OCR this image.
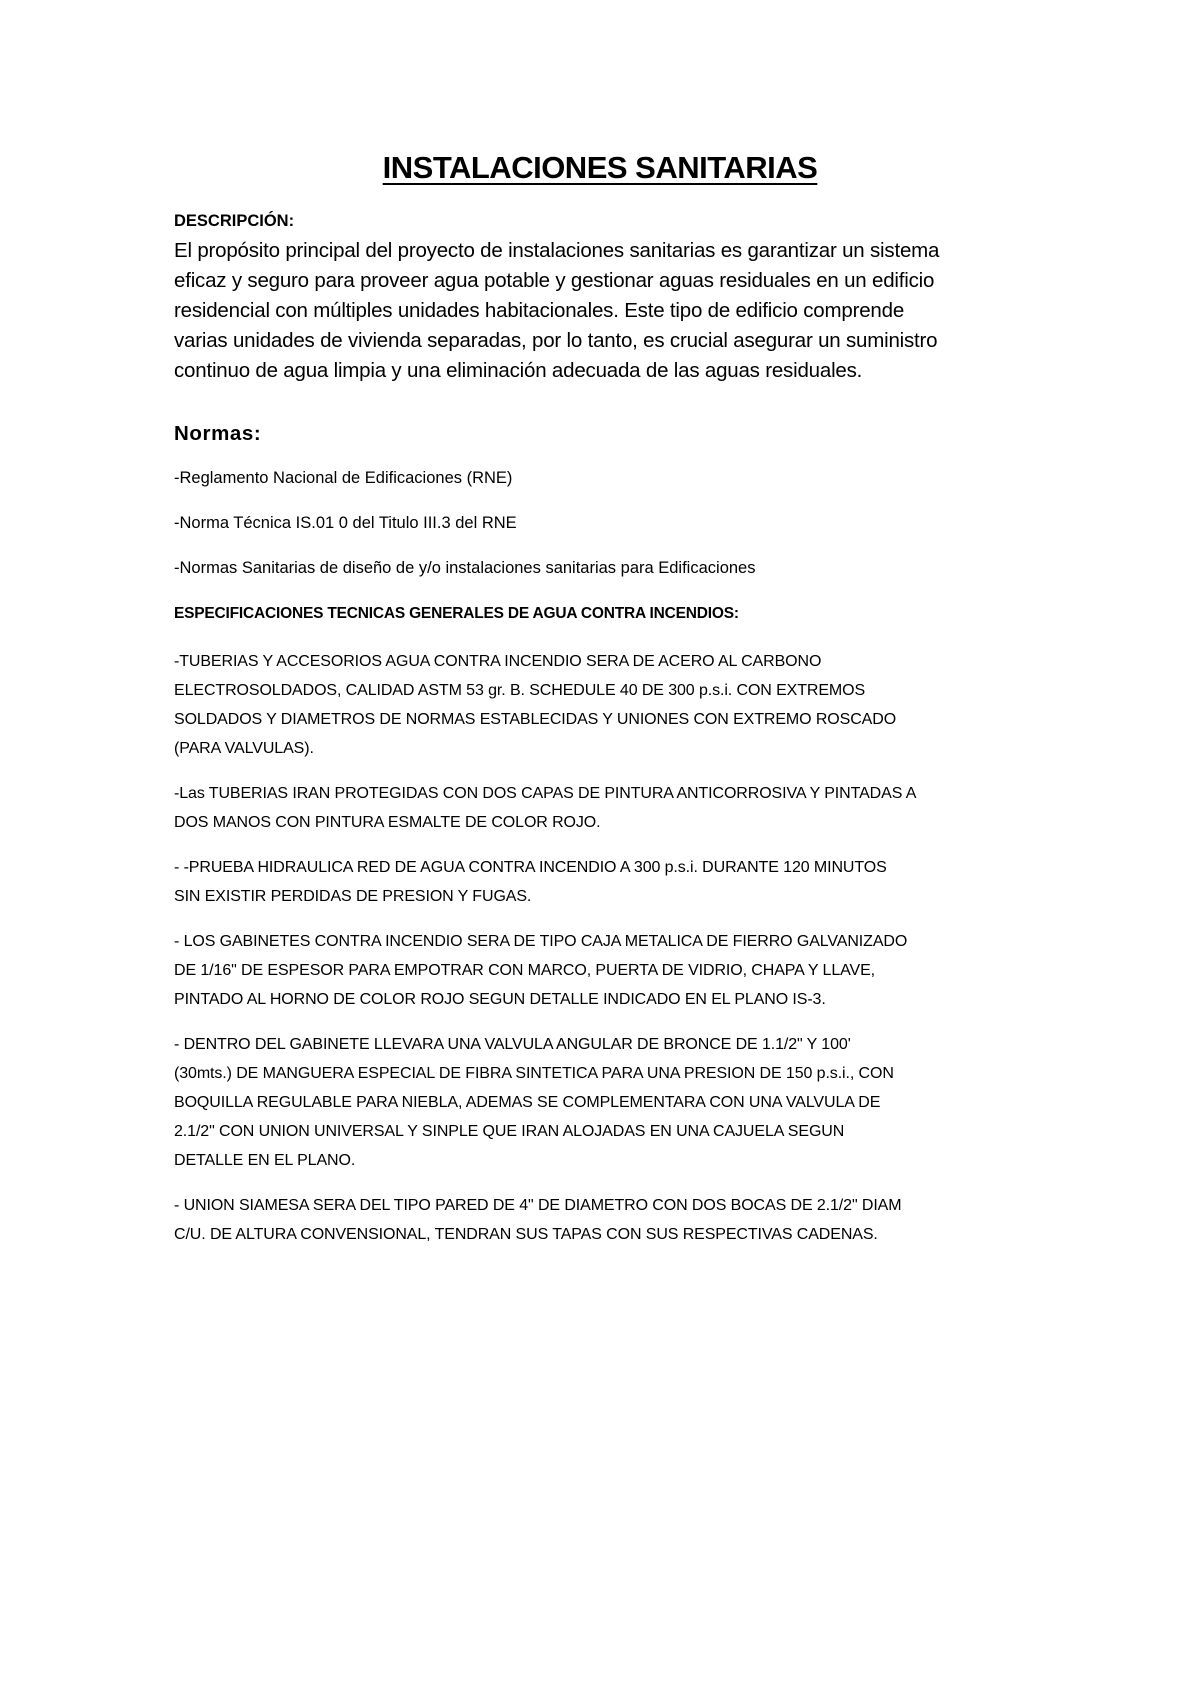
INSTALACIONES SANITARIAS
DESCRIPCIÓN:
El propósito principal del proyecto de instalaciones sanitarias es garantizar un sistema
eficaz y seguro para proveer agua potable y gestionar aguas residuales en un edificio
residencial con múltiples unidades habitacionales. Este tipo de edificio comprende
varias unidades de vivienda separadas, por lo tanto, es crucial asegurar un suministro
continuo de agua limpia y una eliminación adecuada de las aguas residuales.
Normas:
-Reglamento Nacional de Edificaciones (RNE)
-Norma Técnica IS.01 0 del Titulo III.3 del RNE
-Normas Sanitarias de diseño de y/o instalaciones sanitarias para Edificaciones
ESPECIFICACIONES TECNICAS GENERALES DE AGUA CONTRA INCENDIOS:
-TUBERIAS Y ACCESORIOS AGUA CONTRA INCENDIO SERA DE ACERO AL CARBONO
ELECTROSOLDADOS, CALIDAD ASTM 53 gr. B. SCHEDULE 40 DE 300 p.s.i. CON EXTREMOS
SOLDADOS Y DIAMETROS DE NORMAS ESTABLECIDAS Y UNIONES CON EXTREMO ROSCADO
(PARA VALVULAS).
-Las TUBERIAS IRAN PROTEGIDAS CON DOS CAPAS DE PINTURA ANTICORROSIVA Y PINTADAS A
DOS MANOS CON PINTURA ESMALTE DE COLOR ROJO.
- -PRUEBA HIDRAULICA RED DE AGUA CONTRA INCENDIO A 300 p.s.i. DURANTE 120 MINUTOS
SIN EXISTIR PERDIDAS DE PRESION Y FUGAS.
- LOS GABINETES CONTRA INCENDIO SERA DE TIPO CAJA METALICA DE FIERRO GALVANIZADO
DE 1/16" DE ESPESOR PARA EMPOTRAR CON MARCO, PUERTA DE VIDRIO, CHAPA Y LLAVE,
PINTADO AL HORNO DE COLOR ROJO SEGUN DETALLE INDICADO EN EL PLANO IS-3.
- DENTRO DEL GABINETE LLEVARA UNA VALVULA ANGULAR DE BRONCE DE 1.1/2" Y 100'
(30mts.) DE MANGUERA ESPECIAL DE FIBRA SINTETICA PARA UNA PRESION DE 150 p.s.i., CON
BOQUILLA REGULABLE PARA NIEBLA, ADEMAS SE COMPLEMENTARA CON UNA VALVULA DE
2.1/2" CON UNION UNIVERSAL Y SINPLE QUE IRAN ALOJADAS EN UNA CAJUELA SEGUN
DETALLE EN EL PLANO.
- UNION SIAMESA SERA DEL TIPO PARED DE 4" DE DIAMETRO CON DOS BOCAS DE 2.1/2" DIAM
C/U. DE ALTURA CONVENSIONAL, TENDRAN SUS TAPAS CON SUS RESPECTIVAS CADENAS.
